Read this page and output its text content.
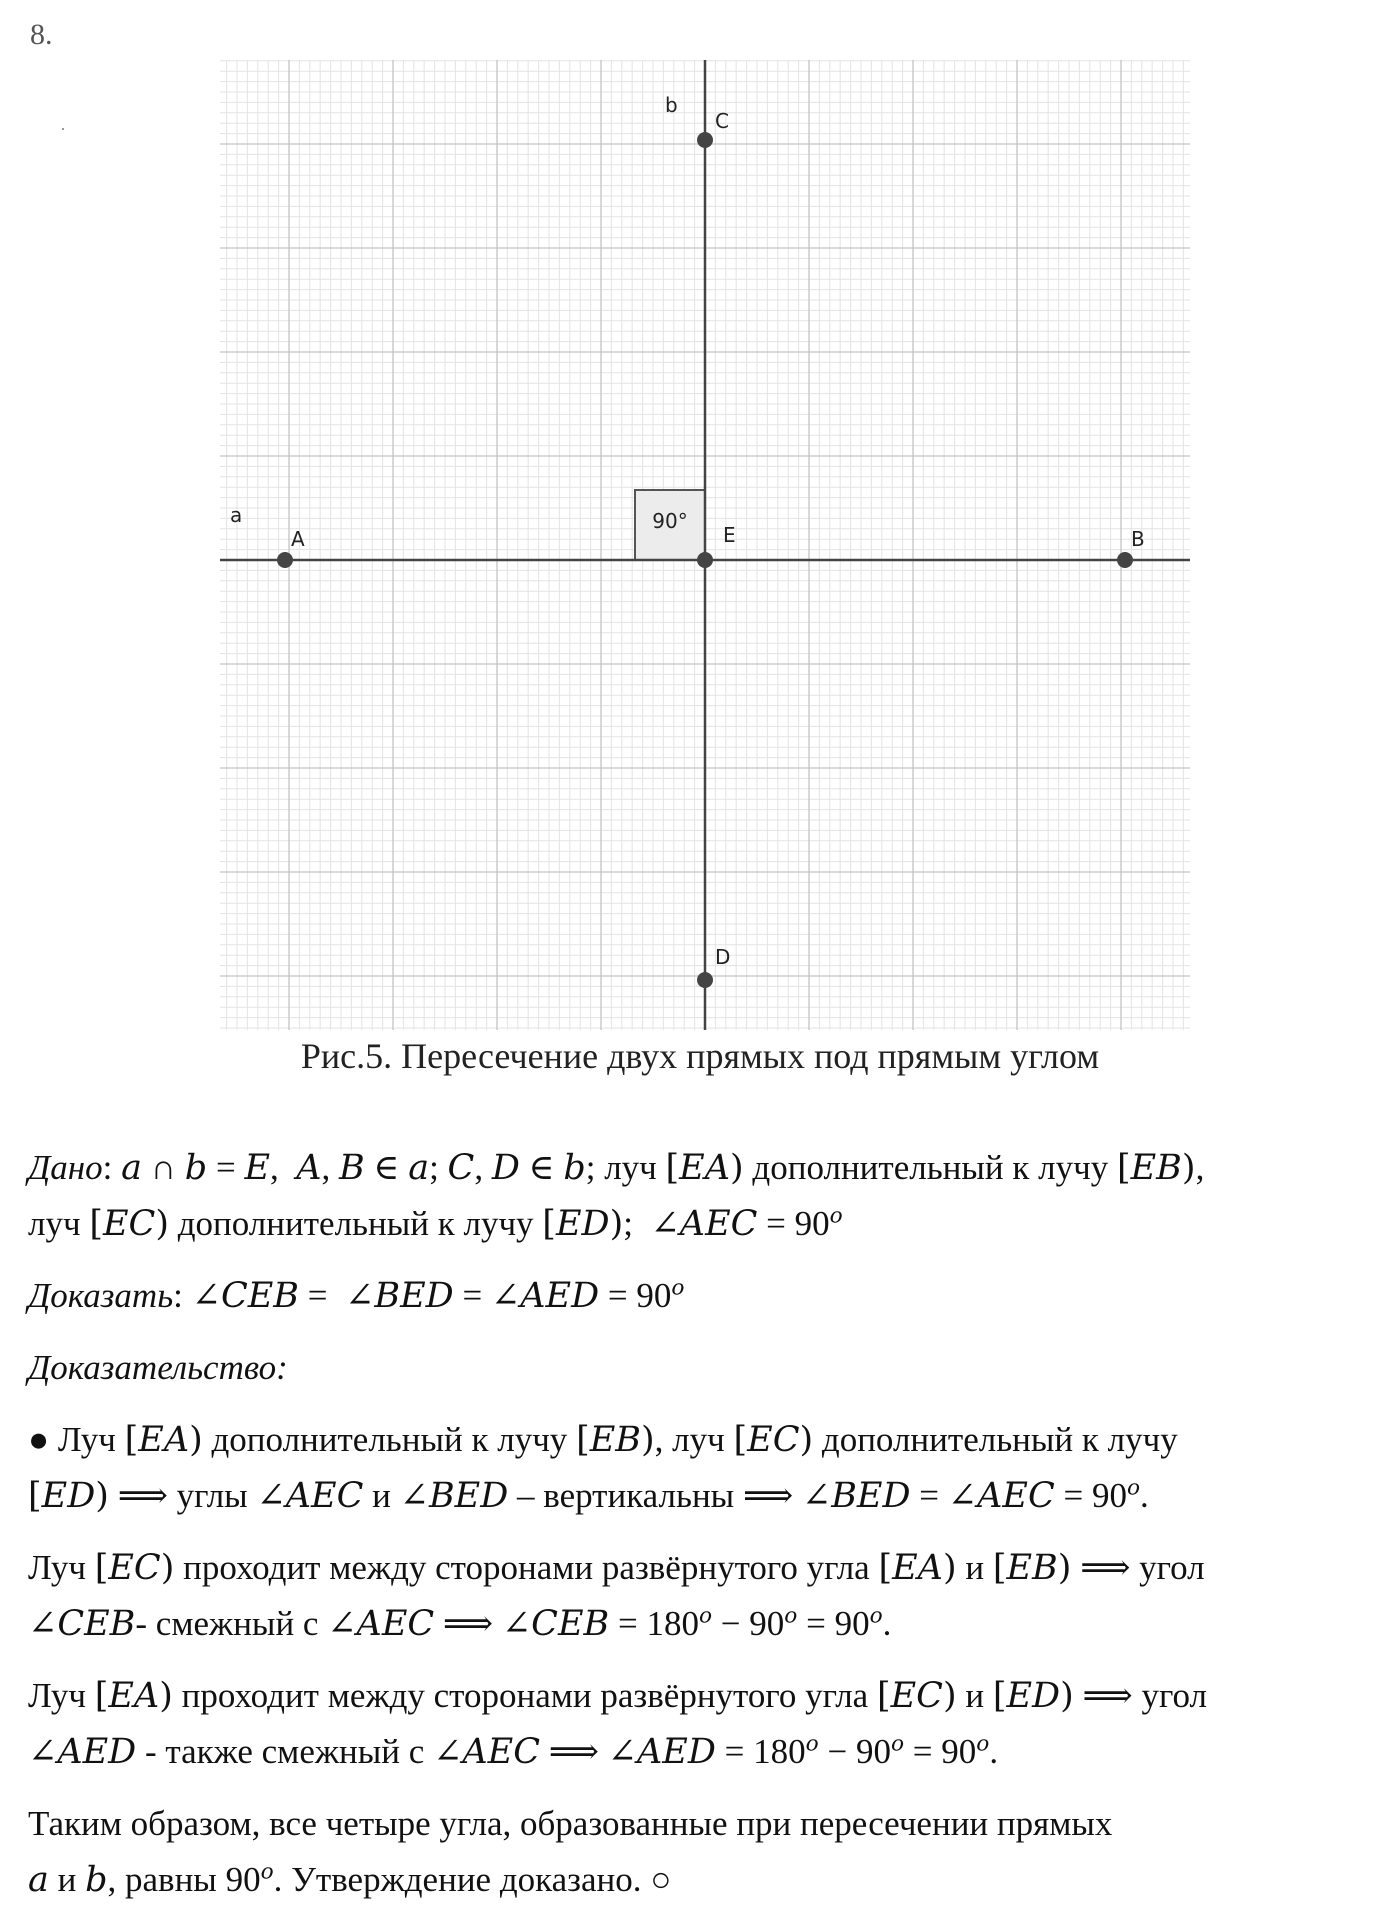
8.
90°
a
b
A	B
C
D
E
Рис.5. Пересечение двух прямых под прямым углом

Дано: a ∩ b = E,  A, B ∈ a; C, D ∈ b; луч [EA) дополнительный к лучу [EB),
луч [EC) дополнительный к лучу [ED);  ∠AEC = $90^o$

Доказать: ∠CEB =  ∠BED = ∠AED = $90^o$

Доказательство:

● Луч [EA) дополнительный к лучу [EB), луч [EC) дополнительный к лучу
[ED) ⟹ углы ∠AEC и ∠BED – вертикальны ⟹ ∠BED = ∠AEC = $90^o$.

Луч [EC) проходит между сторонами развёрнутого угла [EA) и [EB) ⟹ угол
∠CEB- смежный с ∠AEC ⟹ ∠CEB = $180^o - 90^o = 90^o$.

Луч [EA) проходит между сторонами развёрнутого угла [EC) и [ED) ⟹ угол
∠AED - также смежный с ∠AEC ⟹ ∠AED = $180^o - 90^o = 90^o$.

Таким образом, все четыре угла, образованные при пересечении прямых
a и b, равны 90$^o$. Утверждение доказано. ○
